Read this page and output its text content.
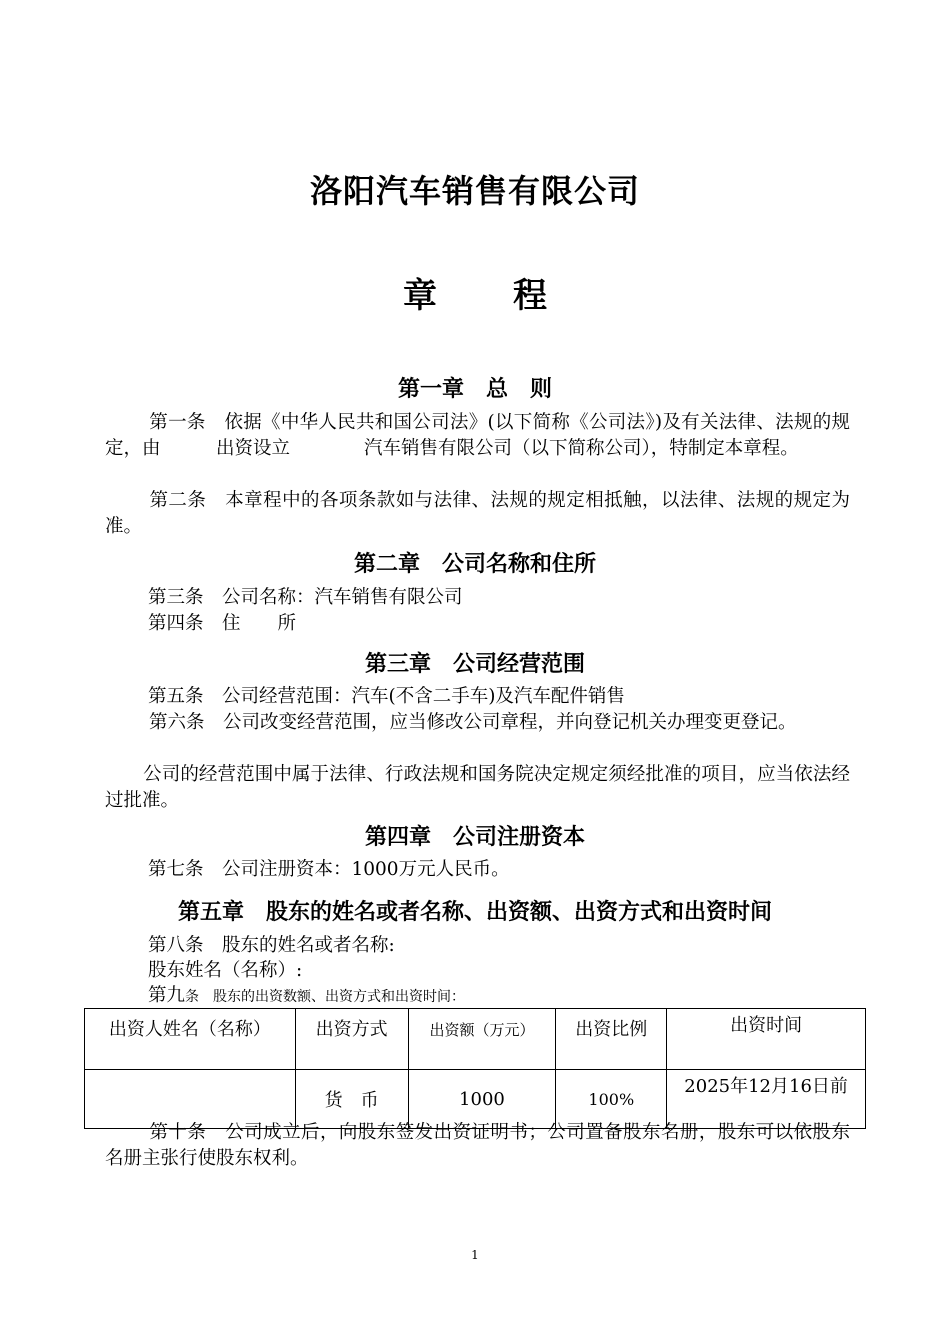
洛阳汽车销售有限公司
章 程
第一章　总　则
第一条　依据《中华人民共和国公司法》(以下简称《公司法》)及有关法律、法规的规定，由　　　出资设立　　　　汽车销售有限公司（以下简称公司），特制定本章程。
第二条　本章程中的各项条款如与法律、法规的规定相抵触，以法律、法规的规定为准。
第二章　公司名称和住所
第三条　公司名称：汽车销售有限公司
第四条　住　　所
第三章　公司经营范围
第五条　公司经营范围：汽车(不含二手车)及汽车配件销售
第六条　公司改变经营范围，应当修改公司章程，并向登记机关办理变更登记。
公司的经营范围中属于法律、行政法规和国务院决定规定须经批准的项目，应当依法经过批准。
第四章　公司注册资本
第七条　公司注册资本：1000万元人民币。
第五章　股东的姓名或者名称、出资额、出资方式和出资时间
第八条　股东的姓名或者名称:
股东姓名（名称）:
第九条　股东的出资数额、出资方式和出资时间：
出资人姓名（名称）	出资方式	出资额（万元）	出资比例	出资时间
	货　币	1000	100%	2025年12月16日前
第十条　公司成立后，向股东签发出资证明书；公司置备股东名册，股东可以依股东名册主张行使股东权利。
1
